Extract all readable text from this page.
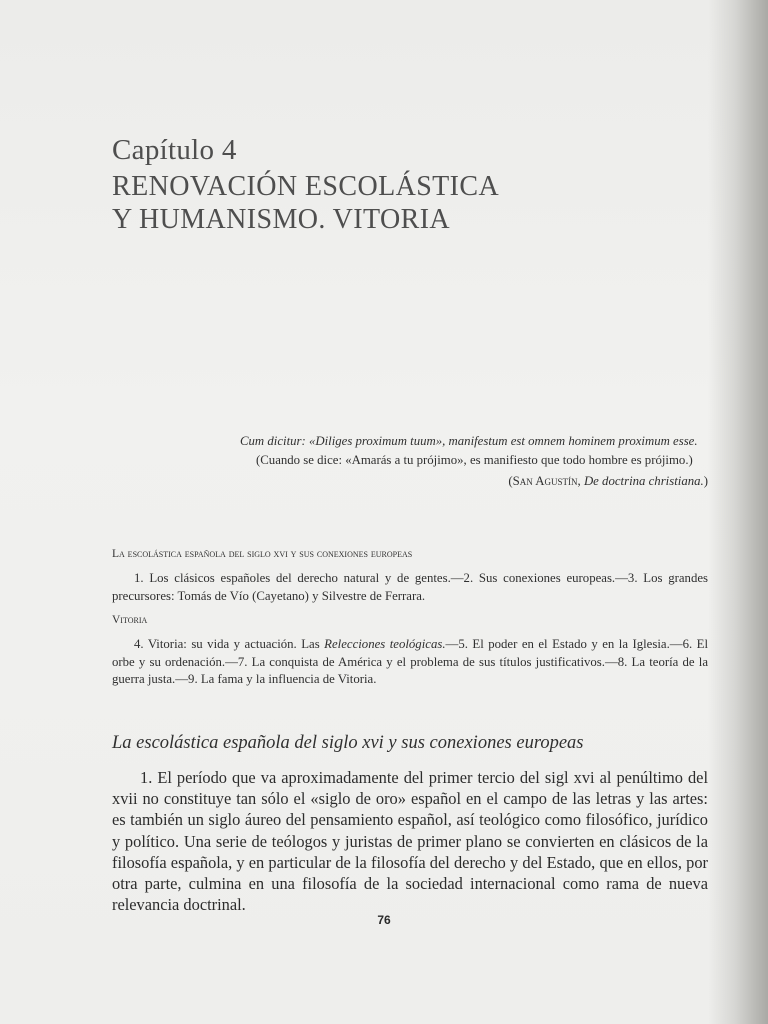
Capítulo 4
RENOVACIÓN ESCOLÁSTICA
Y HUMANISMO. VITORIA

Cum dicitur: «Diliges proximum tuum», manifestum est omnem hominem proximum esse.

(Cuando se dice: «Amarás a tu prójimo», es manifiesto que todo hombre es prójimo.)

(San Agustín, De doctrina christiana.)

La escolástica española del siglo xvi y sus conexiones europeas

1. Los clásicos españoles del derecho natural y de gentes.—2. Sus conexiones europeas.—3. Los grandes precursores: Tomás de Vío (Cayetano) y Silvestre de Ferrara.

Vitoria

4. Vitoria: su vida y actuación. Las Relecciones teológicas.—5. El poder en el Estado y en la Iglesia.—6. El orbe y su ordenación.—7. La conquista de América y el problema de sus títulos justificativos.—8. La teoría de la guerra justa.—9. La fama y la influencia de Vitoria.

La escolástica española del siglo xvi y sus conexiones europeas

1. El período que va aproximadamente del primer tercio del sigl xvi al penúltimo del xvii no constituye tan sólo el «siglo de oro» español en el campo de las letras y las artes: es también un siglo áureo del pensamiento español, así teológico como filosófico, jurídico y político. Una serie de teólogos y juristas de primer plano se convierten en clásicos de la filosofía española, y en particular de la filosofía del derecho y del Estado, que en ellos, por otra parte, culmina en una filosofía de la sociedad internacional como rama de nueva relevancia doctrinal.

76
